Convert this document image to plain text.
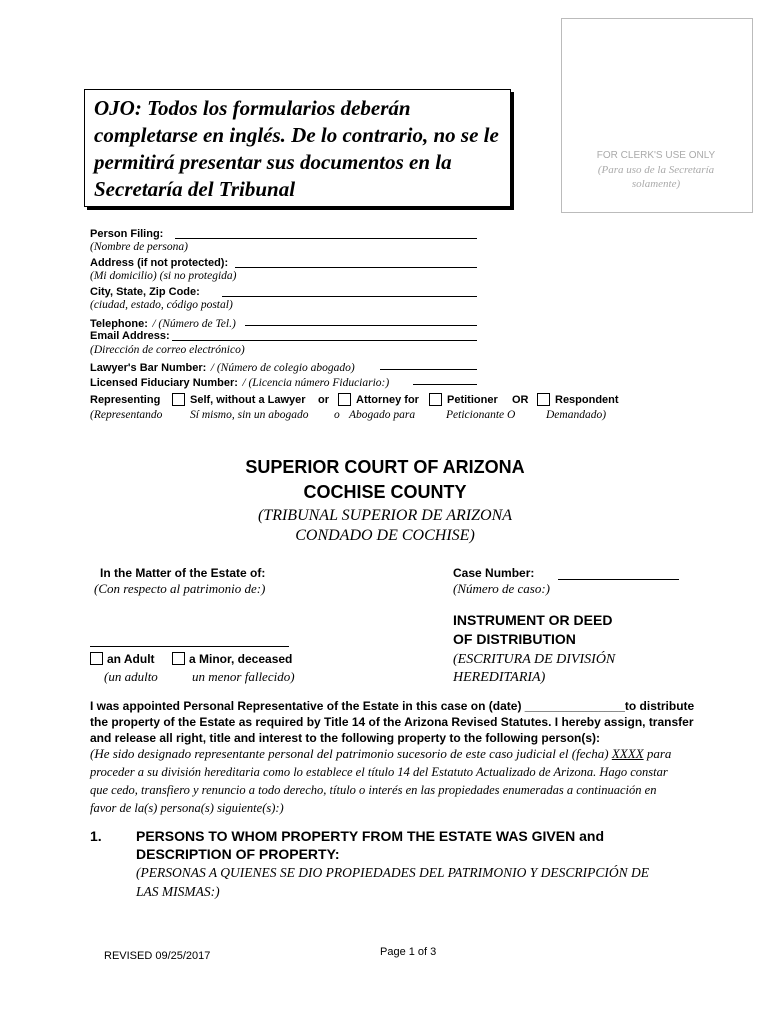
OJO: Todos los formularios deberán completarse en inglés. De lo contrario, no se le permitirá presentar sus documentos en la Secretaría del Tribunal
FOR CLERK'S USE ONLY
(Para uso de la Secretaría solamente)
Person Filing:
(Nombre de persona)
Address (if not protected):
(Mi domicilio) (si no protegida)
City, State, Zip Code:
(ciudad, estado, código postal)
Telephone: / (Número de Tel.)
Email Address:
(Dirección de correo electrónico)
Lawyer's Bar Number: / (Número de colegio abogado)
Licensed Fiduciary Number: / (Licencia número Fiduciario:)
Representing	Self, without a Lawyer or Attorney for	Petitioner OR Respondent
(Representando Sí mismo, sin un abogado o Abogado para	Peticionante O	Demandado)
SUPERIOR COURT OF ARIZONA
COCHISE COUNTY
(TRIBUNAL SUPERIOR DE ARIZONA
CONDADO DE COCHISE)
In the Matter of the Estate of:
(Con respecto al patrimonio de:)
an Adult	a Minor, deceased
(un adulto	un menor fallecido)
Case Number:
(Número de caso:)
INSTRUMENT OR DEED
OF DISTRIBUTION
(ESCRITURA DE DIVISIÓN
HEREDITARIA)
I was appointed Personal Representative of the Estate in this case on (date) _______________to distribute
the property of the Estate as required by Title 14 of the Arizona Revised Statutes. I hereby assign, transfer
and release all right, title and interest to the following property to the following person(s):
(He sido designado representante personal del patrimonio sucesorio de este caso judicial el (fecha) XXXX para
proceder a su división hereditaria como lo establece el título 14 del Estatuto Actualizado de Arizona. Hago constar
que cedo, transfiero y renuncio a todo derecho, título o interés en las propiedades enumeradas a continuación en
favor de la(s) persona(s) siguiente(s):)
1. PERSONS TO WHOM PROPERTY FROM THE ESTATE WAS GIVEN and
DESCRIPTION OF PROPERTY:
(PERSONAS A QUIENES SE DIO PROPIEDADES DEL PATRIMONIO Y DESCRIPCIÓN DE
LAS MISMAS:)
REVISED 09/25/2017	Page 1 of 3
